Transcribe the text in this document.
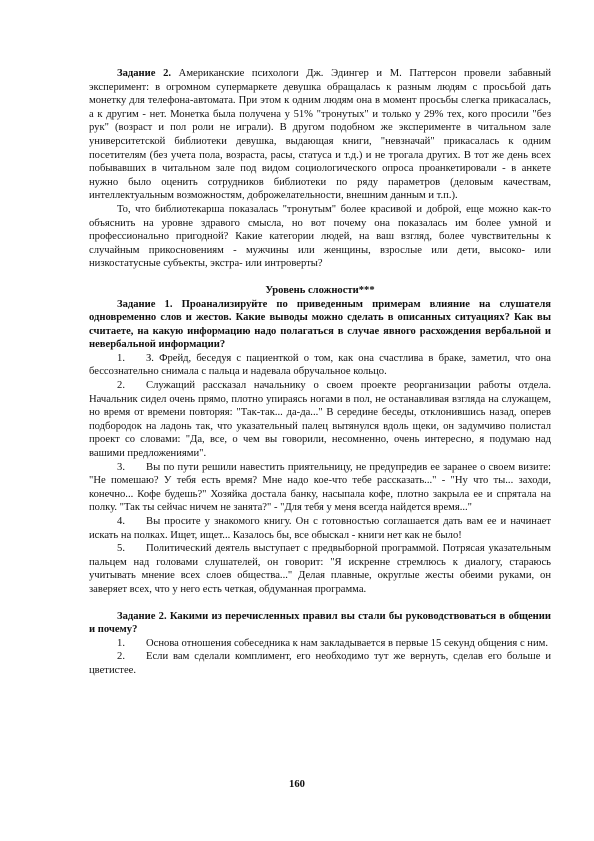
Задание 2. Американские психологи Дж. Эдингер и М. Паттерсон провели забавный эксперимент: в огромном супермаркете девушка обращалась к разным людям с просьбой дать монетку для телефона-автомата. При этом к одним людям она в момент просьбы слегка прикасалась, а к другим - нет. Монетка была получена у 51% "тронутых" и только у 29% тех, кого просили "без рук" (возраст и пол роли не играли). В другом подобном же эксперименте в читальном зале университетской библиотеки девушка, выдающая книги, "невзначай" прикасалась к одним посетителям (без учета пола, возраста, расы, статуса и т.д.) и не трогала других. В тот же день всех побывавших в читальном зале под видом социологического опроса проанкетировали - в анкете нужно было оценить сотрудников библиотеки по ряду параметров (деловым качествам, интеллектуальным возможностям, доброжелательности, внешним данным и т.п.).

То, что библиотекарша показалась "тронутым" более красивой и доброй, еще можно как-то объяснить на уровне здравого смысла, но вот почему она показалась им более умной и профессионально пригодной? Какие категории людей, на ваш взгляд, более чувствительны к случайным прикосновениям - мужчины или женщины, взрослые или дети, высоко- или низкостатусные субъекты, экстра- или интроверты?

Уровень сложности***

Задание 1. Проанализируйте по приведенным примерам влияние на слушателя одновременно слов и жестов. Какие выводы можно сделать в описанных ситуациях? Как вы считаете, на какую информацию надо полагаться в случае явного расхождения вербальной и невербальной информации?

1. З. Фрейд, беседуя с пациенткой о том, как она счастлива в браке, заметил, что она бессознательно снимала с пальца и надевала обручальное кольцо.

2. Служащий рассказал начальнику о своем проекте реорганизации работы отдела. Начальник сидел очень прямо, плотно упираясь ногами в пол, не останавливая взгляда на служащем, но время от времени повторяя: "Так-так... да-да..." В середине беседы, отклонившись назад, оперев подбородок на ладонь так, что указательный палец вытянулся вдоль щеки, он задумчиво полистал проект со словами: "Да, все, о чем вы говорили, несомненно, очень интересно, я подумаю над вашими предложениями".

3. Вы по пути решили навестить приятельницу, не предупредив ее заранее о своем визите: "Не помешаю? У тебя есть время? Мне надо кое-что тебе рассказать..." - "Ну что ты... заходи, конечно... Кофе будешь?" Хозяйка достала банку, насыпала кофе, плотно закрыла ее и спрятала на полку. "Так ты сейчас ничем не занята?" - "Для тебя у меня всегда найдется время..."

4. Вы просите у знакомого книгу. Он с готовностью соглашается дать вам ее и начинает искать на полках. Ищет, ищет... Казалось бы, все обыскал - книги нет как не было!

5. Политический деятель выступает с предвыборной программой. Потрясая указательным пальцем над головами слушателей, он говорит: "Я искренне стремлюсь к диалогу, стараюсь учитывать мнение всех слоев общества..." Делая плавные, округлые жесты обеими руками, он заверяет всех, что у него есть четкая, обдуманная программа.

Задание 2. Какими из перечисленных правил вы стали бы руководствоваться в общении и почему?

1. Основа отношения собеседника к нам закладывается в первые 15 секунд общения с ним.

2. Если вам сделали комплимент, его необходимо тут же вернуть, сделав его больше и цветистее.

160
